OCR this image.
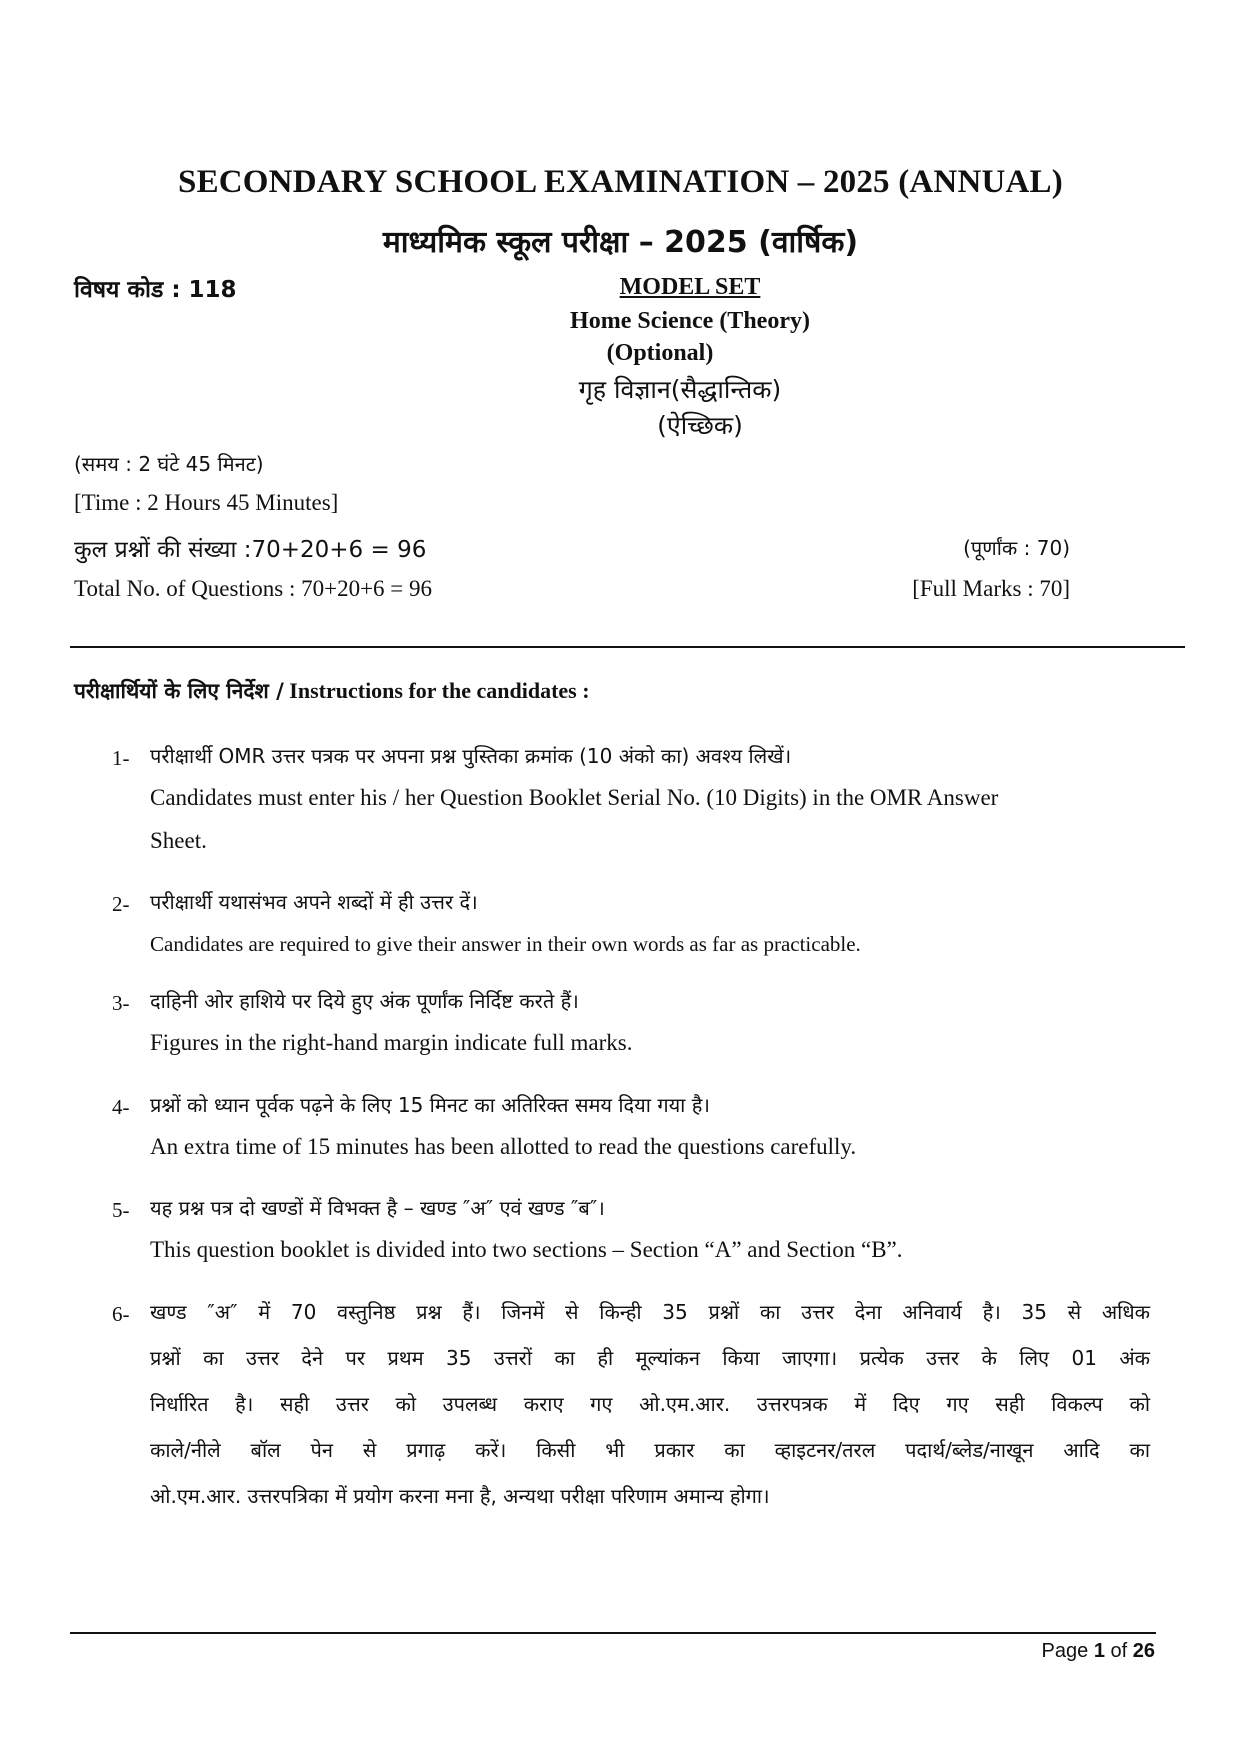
SECONDARY SCHOOL EXAMINATION – 2025 (ANNUAL)
माध्यमिक स्कूल परीक्षा – 2025 (वार्षिक)
विषय कोड : 118	MODEL SET
Home Science (Theory)
(Optional)
गृह विज्ञान(सैद्धान्तिक)
(ऐच्छिक)
(समय : 2 घंटे 45 मिनट)
[Time : 2 Hours 45 Minutes]
कुल प्रश्नों की संख्या :70+20+6 = 96	(पूर्णांक : 70)
Total No. of Questions : 70+20+6 = 96	[Full Marks : 70]
परीक्षार्थियों के लिए निर्देश / Instructions for the candidates :
1- परीक्षार्थी OMR उत्तर पत्रक पर अपना प्रश्न पुस्तिका क्रमांक (10 अंको का) अवश्य लिखें।
Candidates must enter his / her Question Booklet Serial No. (10 Digits) in the OMR Answer
Sheet.
2- परीक्षार्थी यथासंभव अपने शब्दों में ही उत्तर दें।
Candidates are required to give their answer in their own words as far as practicable.
3- दाहिनी ओर हाशिये पर दिये हुए अंक पूर्णांक निर्दिष्ट करते हैं।
Figures in the right-hand margin indicate full marks.
4- प्रश्नों को ध्यान पूर्वक पढ़ने के लिए 15 मिनट का अतिरिक्त समय दिया गया है।
An extra time of 15 minutes has been allotted to read the questions carefully.
5- यह प्रश्न पत्र दो खण्डों में विभक्त है – खण्ड ″अ″ एवं खण्ड ″ब″।
This question booklet is divided into two sections – Section “A” and Section “B”.
6- खण्ड ″अ″ में 70 वस्तुनिष्ठ प्रश्न हैं। जिनमें से किन्ही 35 प्रश्नों का उत्तर देना अनिवार्य है। 35 से अधिक
प्रश्नों का उत्तर देने पर प्रथम 35 उत्तरों का ही मूल्यांकन किया जाएगा। प्रत्येक उत्तर के लिए 01 अंक
निर्धारित है। सही उत्तर को उपलब्ध कराए गए ओ.एम.आर. उत्तरपत्रक में दिए गए सही विकल्प को
काले/नीले बॉल पेन से प्रगाढ़ करें। किसी भी प्रकार का व्हाइटनर/तरल पदार्थ/ब्लेड/नाखून आदि का
ओ.एम.आर. उत्तरपत्रिका में प्रयोग करना मना है, अन्यथा परीक्षा परिणाम अमान्य होगा।
Page 1 of 26
